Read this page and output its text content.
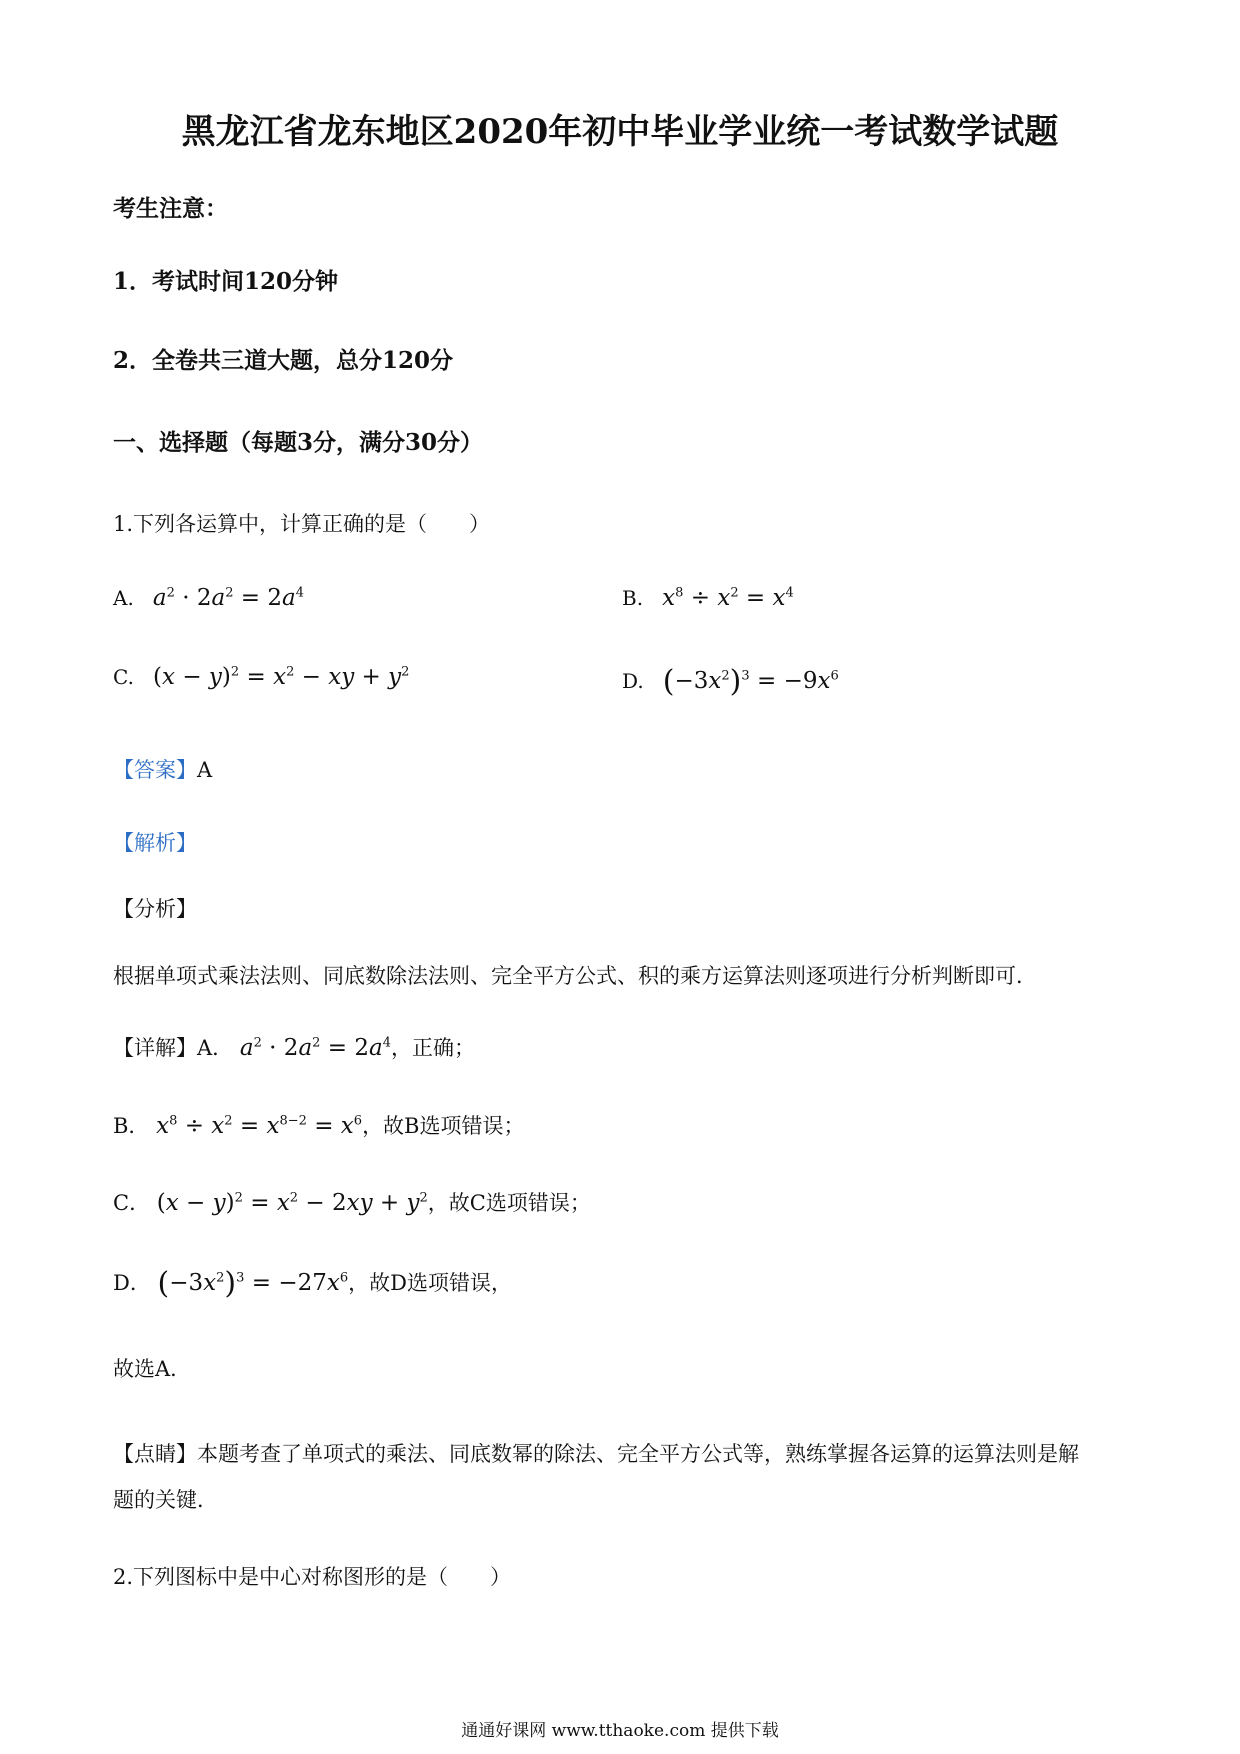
黑龙江省龙东地区2020年初中毕业学业统一考试数学试题
考生注意：
1．考试时间120分钟
2．全卷共三道大题，总分120分
一、选择题（每题3分，满分30分）
1.下列各运算中，计算正确的是（　　）
A. $a^2 \cdot 2a^2 = 2a^4$	B. $x^8 \div x^2 = x^4$
C. $(x - y)^2 = x^2$ − xy + $y^2$	D. $(-3x^2)^3 = -9x^6$
【答案】A
【解析】
【分析】
根据单项式乘法法则、同底数除法法则、完全平方公式、积的乘方运算法则逐项进行分析判断即可．
【详解】A． $a^2 \cdot 2a^2 = 2a^4$，正确；
B． $x^8 \div x^2 = x^{8-2} = x^6$，故B选项错误；
C． $(x - y)^2 = x^2 - 2xy + y^2$，故C选项错误；
D． $(-3x^2)^3 = -27x^6$，故D选项错误，
故选A．
【点睛】本题考查了单项式的乘法、同底数幂的除法、完全平方公式等，熟练掌握各运算的运算法则是解
题的关键．
2.下列图标中是中心对称图形的是（　　）
通通好课网 www.tthaoke.com 提供下载
